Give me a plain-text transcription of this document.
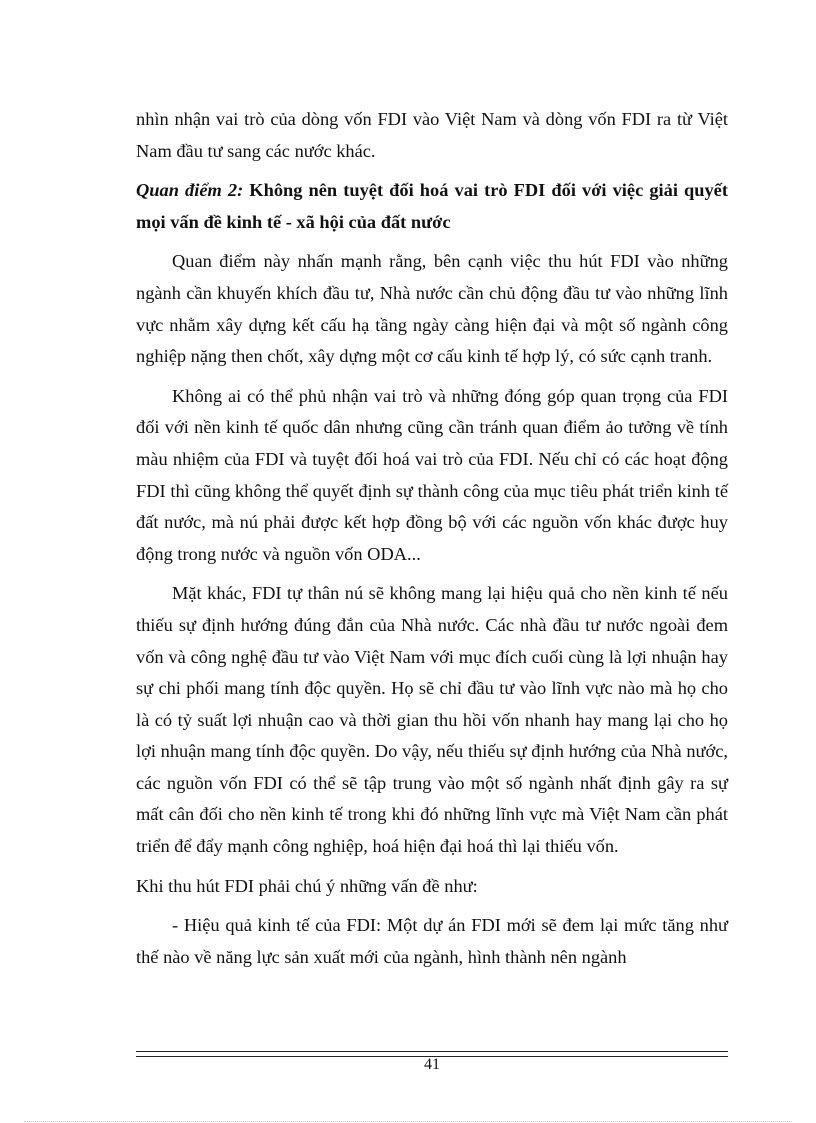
nhìn nhận vai trò của dòng vốn FDI vào Việt Nam và dòng vốn FDI ra từ Việt Nam đầu tư sang các nước khác.

Quan điểm 2: Không nên tuyệt đối hoá vai trò FDI đối với việc giải quyết mọi vấn đề kinh tế - xã hội của đất nước

Quan điểm này nhấn mạnh rằng, bên cạnh việc thu hút FDI vào những ngành cần khuyến khích đầu tư, Nhà nước cần chủ động đầu tư vào những lĩnh vực nhằm xây dựng kết cấu hạ tầng ngày càng hiện đại và một số ngành công nghiệp nặng then chốt, xây dựng một cơ cấu kinh tế hợp lý, có sức cạnh tranh.

Không ai có thể phủ nhận vai trò và những đóng góp quan trọng của FDI đối với nền kinh tế quốc dân nhưng cũng cần tránh quan điểm ảo tưởng về tính màu nhiệm của FDI và tuyệt đối hoá vai trò của FDI. Nếu chỉ có các hoạt động FDI thì cũng không thể quyết định sự thành công của mục tiêu phát triển kinh tế đất nước, mà nú phải được kết hợp đồng bộ với các nguồn vốn khác được huy động trong nước và nguồn vốn ODA...

Mặt khác, FDI tự thân nú sẽ không mang lại hiệu quả cho nền kinh tế nếu thiếu sự định hướng đúng đắn của Nhà nước. Các nhà đầu tư nước ngoài đem vốn và công nghệ đầu tư vào Việt Nam với mục đích cuối cùng là lợi nhuận hay sự chi phối mang tính độc quyền. Họ sẽ chỉ đầu tư vào lĩnh vực nào mà họ cho là có tỷ suất lợi nhuận cao và thời gian thu hồi vốn nhanh hay mang lại cho họ lợi nhuận mang tính độc quyền. Do vậy, nếu thiếu sự định hướng của Nhà nước, các nguồn vốn FDI có thể sẽ tập trung vào một số ngành nhất định gây ra sự mất cân đối cho nền kinh tế trong khi đó những lĩnh vực mà Việt Nam cần phát triển để đẩy mạnh công nghiệp, hoá hiện đại hoá thì lại thiếu vốn.

Khi thu hút FDI phải chú ý những vấn đề như:

- Hiệu quả kinh tế của FDI: Một dự án FDI mới sẽ đem lại mức tăng như thế nào về năng lực sản xuất mới của ngành, hình thành nên ngành

41
